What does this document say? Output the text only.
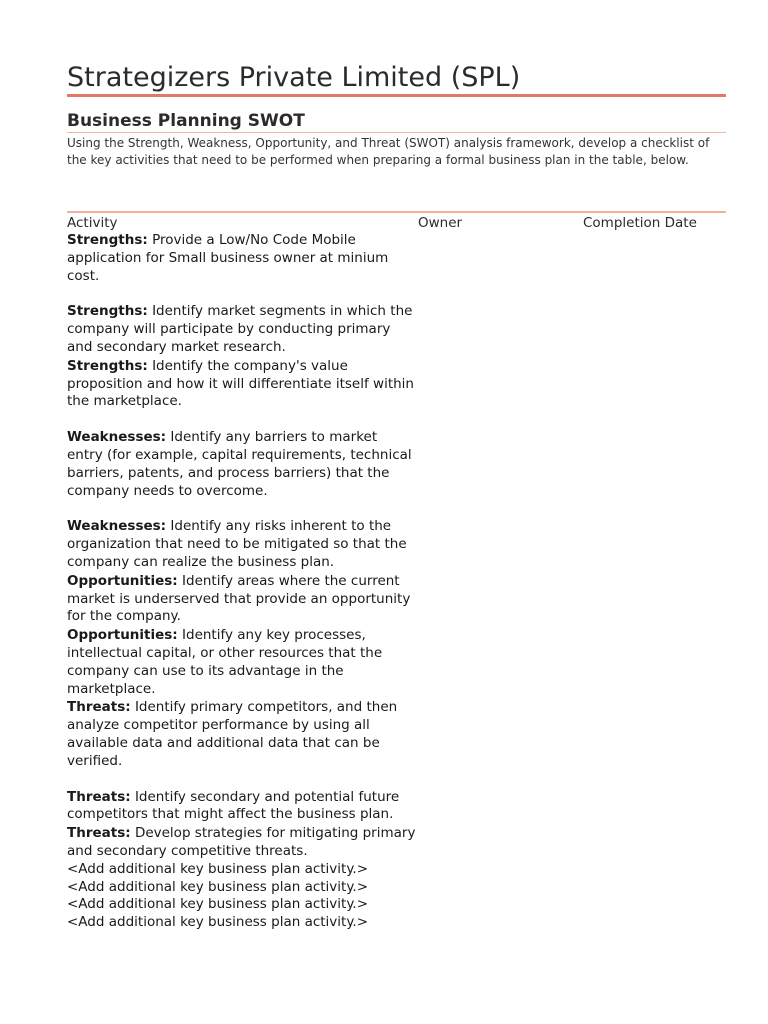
Strategizers Private Limited (SPL)
Business Planning SWOT
Using the Strength, Weakness, Opportunity, and Threat (SWOT) analysis framework, develop a checklist of the key activities that need to be performed when preparing a formal business plan in the table, below.
Activity	Owner	Completion Date
Strengths: Provide a Low/No Code Mobile application for Small business owner at minium cost.
Strengths: Identify market segments in which the company will participate by conducting primary and secondary market research.
Strengths: Identify the company's value proposition and how it will differentiate itself within the marketplace.
Weaknesses: Identify any barriers to market entry (for example, capital requirements, technical barriers, patents, and process barriers) that the company needs to overcome.
Weaknesses: Identify any risks inherent to the organization that need to be mitigated so that the company can realize the business plan.
Opportunities: Identify areas where the current market is underserved that provide an opportunity for the company.
Opportunities: Identify any key processes, intellectual capital, or other resources that the company can use to its advantage in the marketplace.
Threats: Identify primary competitors, and then analyze competitor performance by using all available data and additional data that can be verified.
Threats: Identify secondary and potential future competitors that might affect the business plan.
Threats: Develop strategies for mitigating primary and secondary competitive threats.
<Add additional key business plan activity.>
<Add additional key business plan activity.>
<Add additional key business plan activity.>
<Add additional key business plan activity.>
